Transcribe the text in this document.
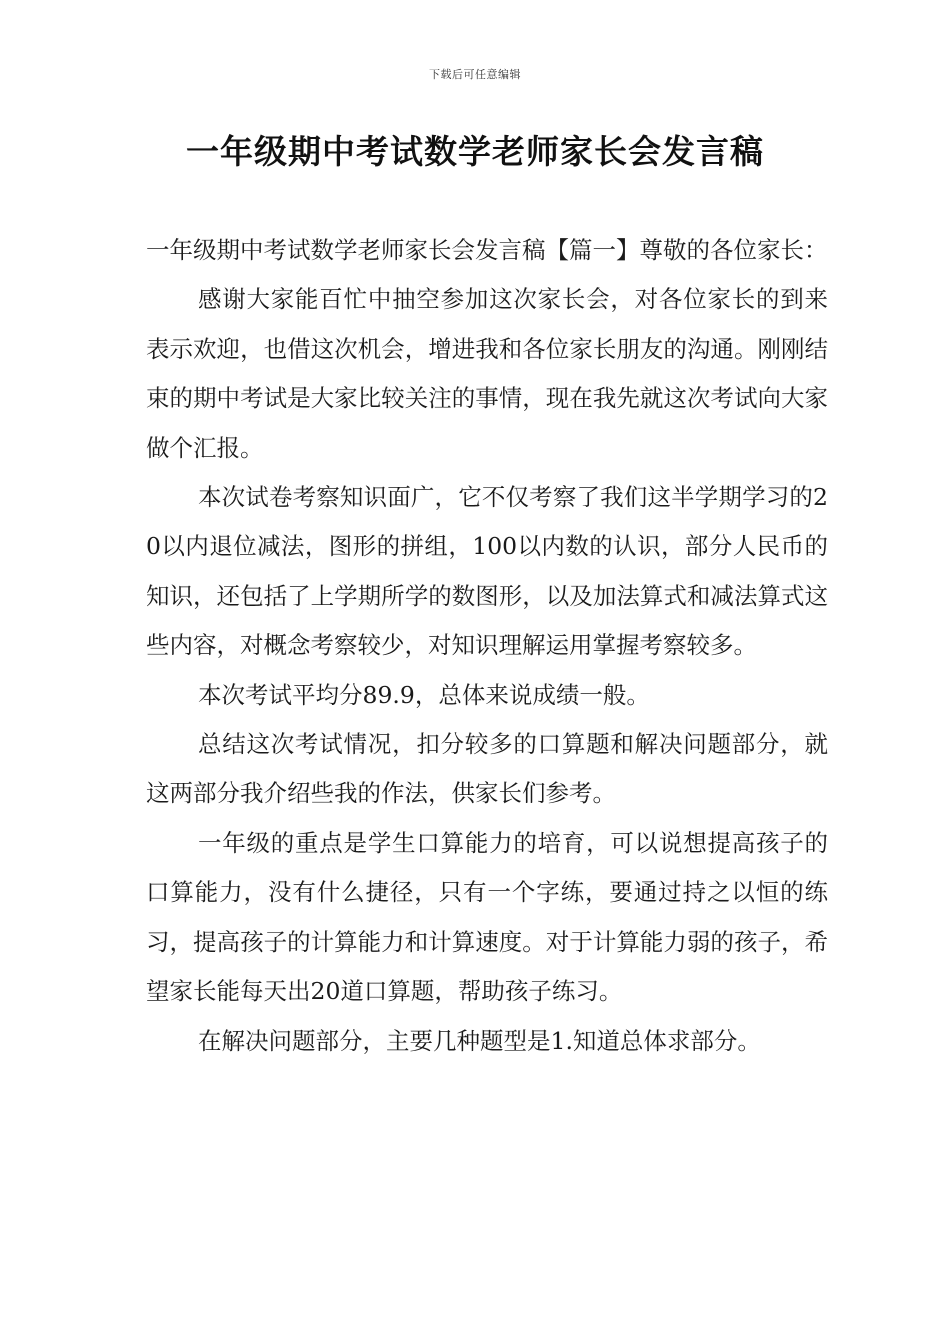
下载后可任意编辑
一年级期中考试数学老师家长会发言稿

一年级期中考试数学老师家长会发言稿【篇一】尊敬的各位家长：

感谢大家能百忙中抽空参加这次家长会，对各位家长的到来表示欢迎，也借这次机会，增进我和各位家长朋友的沟通。刚刚结束的期中考试是大家比较关注的事情，现在我先就这次考试向大家做个汇报。

本次试卷考察知识面广，它不仅考察了我们这半学期学习的20以内退位减法，图形的拼组，100以内数的认识，部分人民币的知识，还包括了上学期所学的数图形，以及加法算式和减法算式这些内容，对概念考察较少，对知识理解运用掌握考察较多。

本次考试平均分89.9，总体来说成绩一般。

总结这次考试情况，扣分较多的口算题和解决问题部分，就这两部分我介绍些我的作法，供家长们参考。

一年级的重点是学生口算能力的培育，可以说想提高孩子的口算能力，没有什么捷径，只有一个字练，要通过持之以恒的练习，提高孩子的计算能力和计算速度。对于计算能力弱的孩子，希望家长能每天出20道口算题，帮助孩子练习。

在解决问题部分，主要几种题型是1.知道总体求部分。
